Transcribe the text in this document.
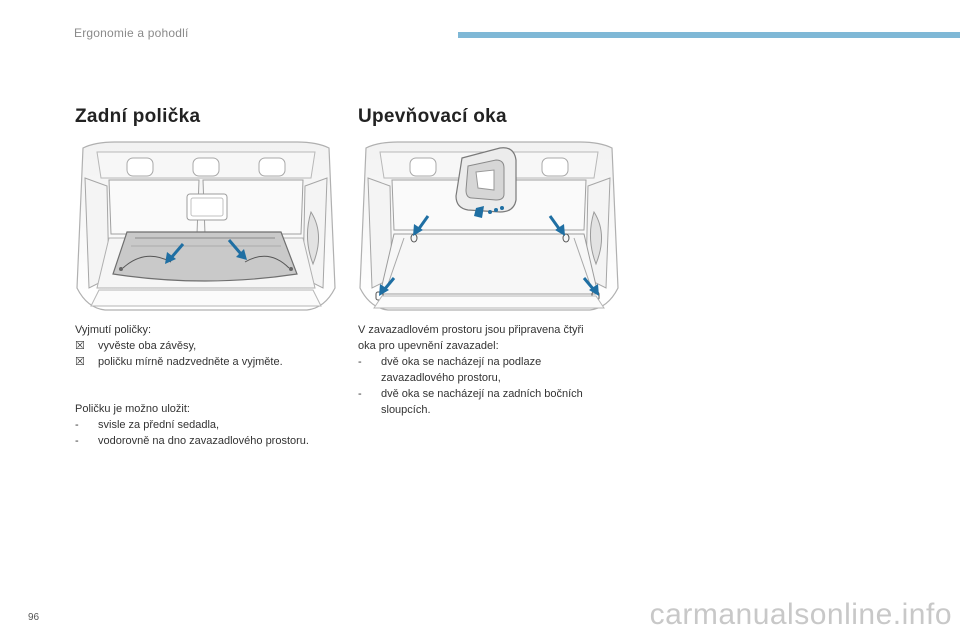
Ergonomie a pohodlí
Zadní polička	Upevňovací oka

Vyjmutí poličky:

☒	vyvěste oba závěsy,
☒	poličku mírně nadzvedněte a vyjměte.

Poličku je možno uložit:

-	svisle za přední sedadla,
-	vodorovně na dno zavazadlového prostoru.

V zavazadlovém prostoru jsou připravena čtyři

oka pro upevnění zavazadel:

-	dvě oka se nacházejí na podlaze
zavazadlového prostoru,
-	dvě oka se nacházejí na zadních bočních
sloupcích.
96	carmanualsonline.info
